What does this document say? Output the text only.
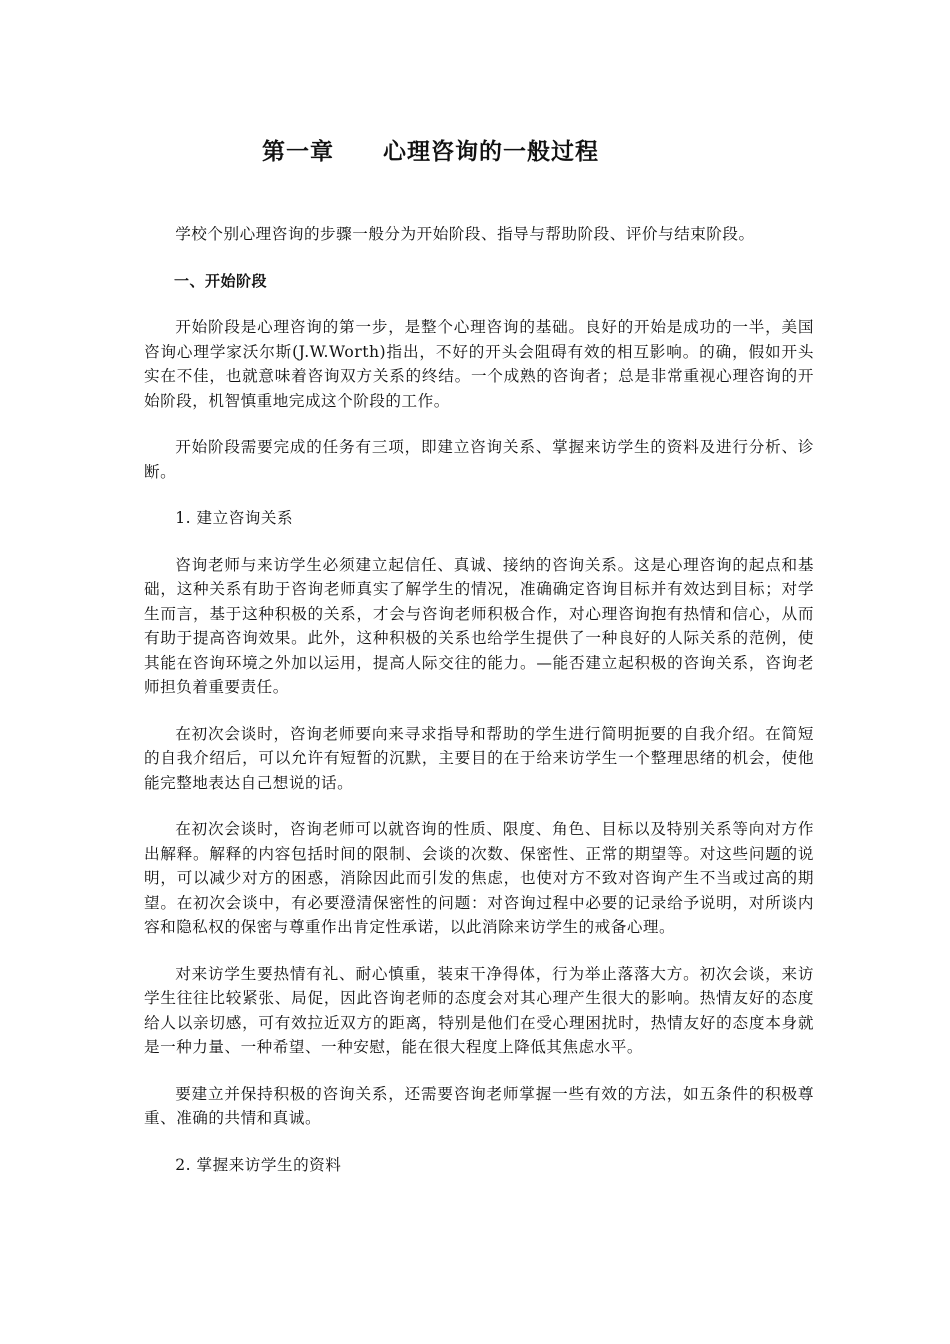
第一章 心理咨询的一般过程

学校个别心理咨询的步骤一般分为开始阶段、指导与帮助阶段、评价与结束阶段。

一、开始阶段

开始阶段是心理咨询的第一步，是整个心理咨询的基础。良好的开始是成功的一半，美国咨询心理学家沃尔斯(J.W.Worth)指出，不好的开头会阻碍有效的相互影响。的确，假如开头实在不佳，也就意味着咨询双方关系的终结。一个成熟的咨询者；总是非常重视心理咨询的开始阶段，机智慎重地完成这个阶段的工作。

开始阶段需要完成的任务有三项，即建立咨询关系、掌握来访学生的资料及进行分析、诊断。

1. 建立咨询关系

咨询老师与来访学生必须建立起信任、真诚、接纳的咨询关系。这是心理咨询的起点和基础，这种关系有助于咨询老师真实了解学生的情况，准确确定咨询目标并有效达到目标；对学生而言，基于这种积极的关系，才会与咨询老师积极合作，对心理咨询抱有热情和信心，从而有助于提高咨询效果。此外，这种积极的关系也给学生提供了一种良好的人际关系的范例，使其能在咨询环境之外加以运用，提高人际交往的能力。—能否建立起积极的咨询关系，咨询老师担负着重要责任。

在初次会谈时，咨询老师要向来寻求指导和帮助的学生进行简明扼要的自我介绍。在简短的自我介绍后，可以允许有短暂的沉默，主要目的在于给来访学生一个整理思绪的机会，使他能完整地表达自己想说的话。

在初次会谈时，咨询老师可以就咨询的性质、限度、角色、目标以及特别关系等向对方作出解释。解释的内容包括时间的限制、会谈的次数、保密性、正常的期望等。对这些问题的说明，可以减少对方的困惑，消除因此而引发的焦虑，也使对方不致对咨询产生不当或过高的期望。在初次会谈中，有必要澄清保密性的问题：对咨询过程中必要的记录给予说明，对所谈内容和隐私权的保密与尊重作出肯定性承诺，以此消除来访学生的戒备心理。

对来访学生要热情有礼、耐心慎重，装束干净得体，行为举止落落大方。初次会谈，来访学生往往比较紧张、局促，因此咨询老师的态度会对其心理产生很大的影响。热情友好的态度给人以亲切感，可有效拉近双方的距离，特别是他们在受心理困扰时，热情友好的态度本身就是一种力量、一种希望、一种安慰，能在很大程度上降低其焦虑水平。

要建立并保持积极的咨询关系，还需要咨询老师掌握一些有效的方法，如五条件的积极尊重、准确的共情和真诚。

2. 掌握来访学生的资料
